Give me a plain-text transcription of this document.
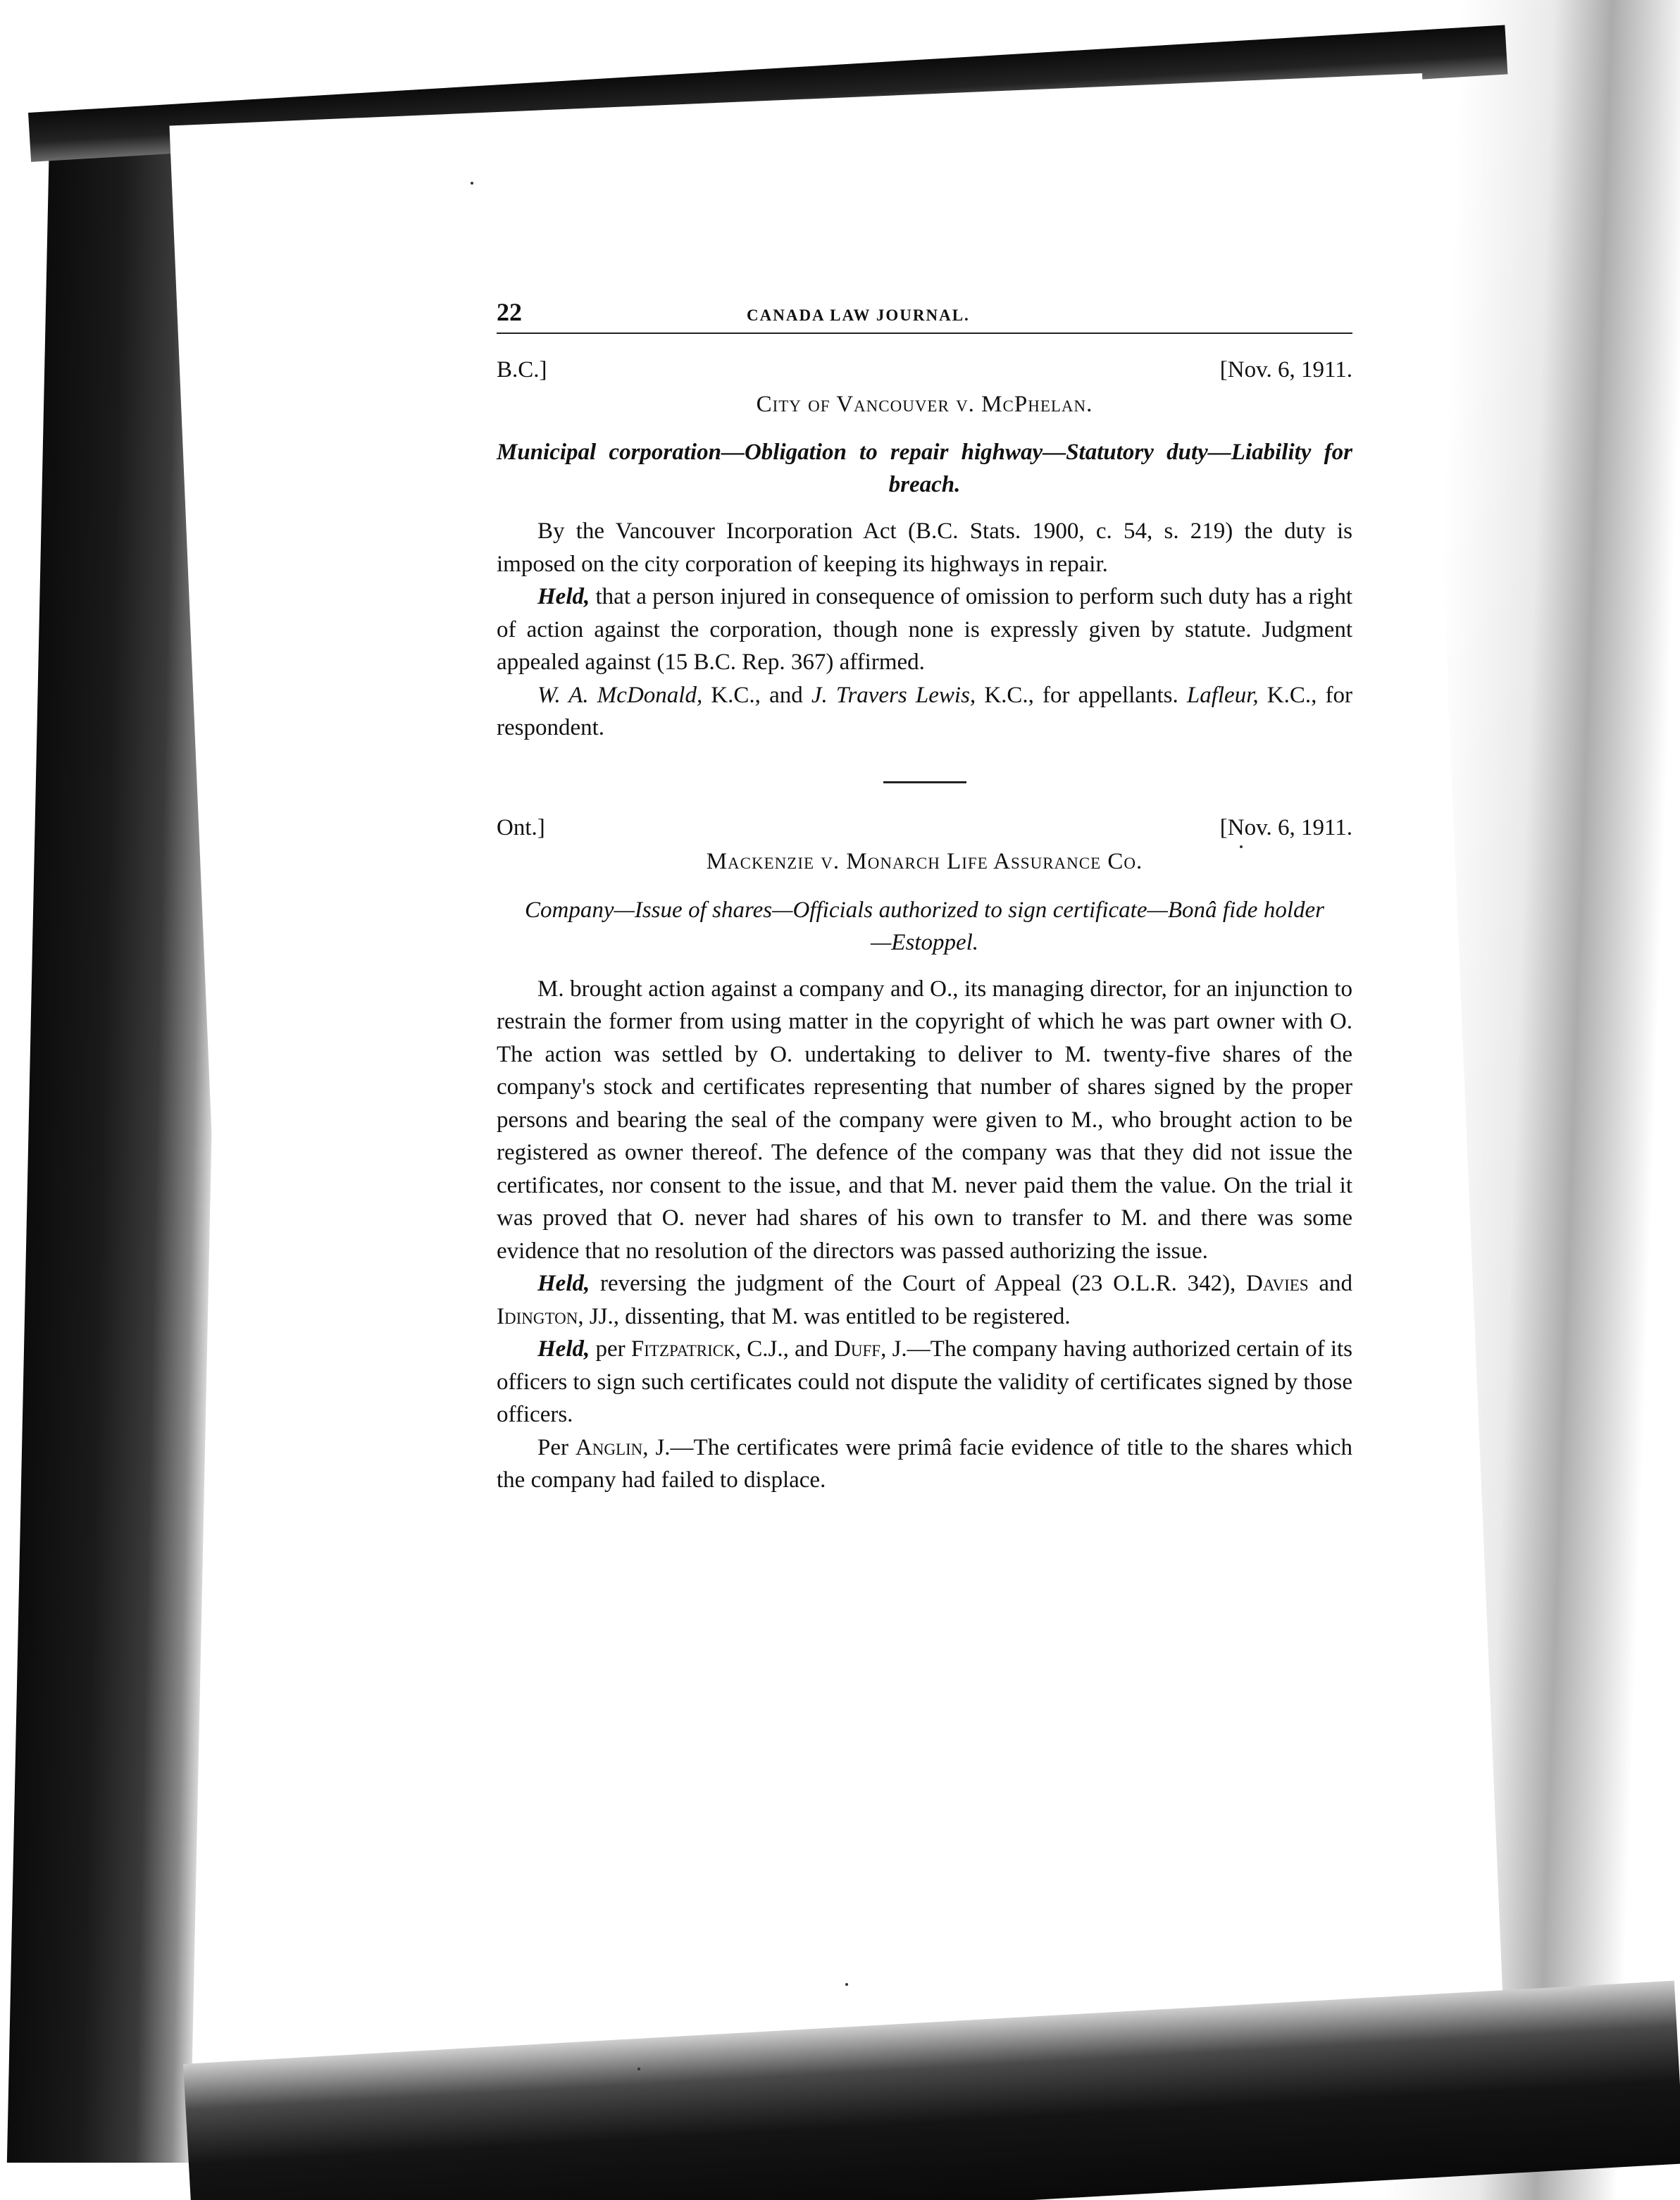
22	CANADA LAW JOURNAL.
B.C.]	[Nov. 6, 1911.
City of Vancouver v. McPhelan.
Municipal corporation—Obligation to repair highway—Statutory duty—Liability for breach.

By the Vancouver Incorporation Act (B.C. Stats. 1900, c. 54, s. 219) the duty is imposed on the city corporation of keeping its highways in repair.

Held, that a person injured in consequence of omission to perform such duty has a right of action against the corporation, though none is expressly given by statute. Judgment appealed against (15 B.C. Rep. 367) affirmed.

W. A. McDonald, K.C., and J. Travers Lewis, K.C., for appellants. Lafleur, K.C., for respondent.

Ont.]	[Nov. 6, 1911.
Mackenzie v. Monarch Life Assurance Co.
Company—Issue of shares—Officials authorized to sign certificate—Bonâ fide holder—Estoppel.

M. brought action against a company and O., its managing director, for an injunction to restrain the former from using matter in the copyright of which he was part owner with O. The action was settled by O. undertaking to deliver to M. twenty-five shares of the company's stock and certificates representing that number of shares signed by the proper persons and bearing the seal of the company were given to M., who brought action to be registered as owner thereof. The defence of the company was that they did not issue the certificates, nor consent to the issue, and that M. never paid them the value. On the trial it was proved that O. never had shares of his own to transfer to M. and there was some evidence that no resolution of the directors was passed authorizing the issue.

Held, reversing the judgment of the Court of Appeal (23 O.L.R. 342), Davies and Idington, JJ., dissenting, that M. was entitled to be registered.

Held, per Fitzpatrick, C.J., and Duff, J.—The company having authorized certain of its officers to sign such certificates could not dispute the validity of certificates signed by those officers.

Per Anglin, J.—The certificates were primâ facie evidence of title to the shares which the company had failed to displace.
